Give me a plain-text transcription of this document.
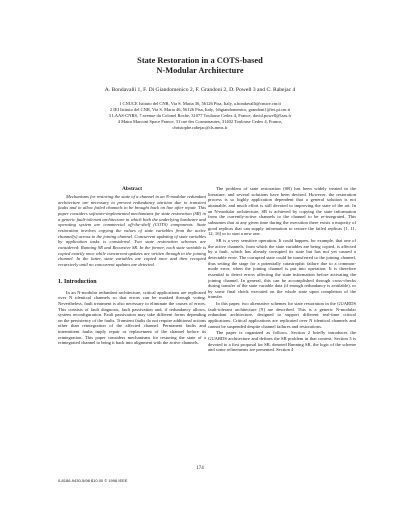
State Restoration in a COTS-based
N-Modular Architecture
A. Bondavalli 1, F. Di Giandomenico 2, F. Grandoni 2, D. Powell 3 and C. Rabejac 4
1 CNUCE Istituto del CNR, Via S. Maria 36, 56126 Pisa, Italy, a.bondavalli@cnuce.cnr.it
2 IEI Istituto del CNR, Via S. Maria 46, 56126 Pisa, Italy, {digiandomenico, grandoni}@iei.pi.cnr.it
3 LAAS-CNRS, 7 avenue du Colonel Roche, 31077 Toulouse Cedex 4, France, david.powell@laas.fr
4 Matra Marconi Space France, 31 rue des Cosmonautes, 31402 Toulouse Cedex 4, France,
christophe.rabejac@tls.mms.fr
Abstract

Mechanisms for restoring the state of a channel in an N-modular redundant architecture are necessary to prevent redundancy attrition due to transient faults and to allow failed channels to be brought back on line after repair. This paper considers software-implemented mechanisms for state restoration (SR) in a generic fault-tolerant architecture in which both the underlying hardware and operating system are commercial off-the-shelf (COTS) components. State restoration involves copying the values of state variables from the active channel(s) across to the joining channel. Concurrent updating of state variables by application tasks is considered. Two state restoration schemes are considered: Running SR and Recursive SR. In the former, each state variable is copied exactly once while concurrent updates are written through to the joining channel. In the latter, state variables are copied once and then recopied recursively until no concurrent updates are detected.

1. Introduction

In an N-modular redundant architecture, critical applications are replicated over N identical channels so that errors can be masked through voting. Nevertheless, fault treatment is also necessary to eliminate the causes of errors. This consists of fault diagnosis, fault passivation and, if redundancy allows, system reconfiguration. Fault passivation may take different forms depending on the persistency of the faults. Transient faults do not require additional actions other than reintegration of the affected channel. Permanent faults and intermittent faults imply repair or replacement of the channel before its reintegration. This paper considers mechanisms for restoring the state of a reintegrated channel to bring it back into alignment with the active channels.

The problem of state restoration (SR) has been widely treated in the literature, and several solutions have been devised. However, the restoration process is so highly application dependent that a general solution is not attainable, and much effort is still devoted to improving the state of the art. In an N-modular architecture, SR is achieved by copying the state information from the currently-active channels to the channel to be re-integrated. This subsumes that at any given time during the execution there exists a majority of good replicas that can supply information to restore the failed replicas [1, 11, 12, 16] or to start a new one.

SR is a very sensitive operation. It could happen, for example, that one of the active channels, from which the state variables are being copied, is affected by a fault, which has already corrupted its state but has not yet caused a detectable error. The corrupted state could be transferred to the joining channel, thus setting the stage for a potentially catastrophic failure due to a common-mode error, when the joining channel is put into operation. It is therefore essential to detect errors affecting the state information before activating the joining channel. In general, this can be accomplished through cross-checks during transfer of the state variable data (if enough redundancy is available), or by some final check executed on the whole state upon completion of the transfer.

In this paper, two alternative schemes for state restoration in the GUARDS fault-tolerant architecture [9] are described. This is a generic N-modular redundant architecture, designed to support different real-time critical applications. Critical applications are replicated over N identical channels and cannot be suspended despite channel failures and restorations.

The paper is organized as follows. Section 2 briefly introduces the GUARDS architecture and defines the SR problem in that context. Section 3 is devoted to a first proposal for SR, denoted Running SR, the logic of the scheme and some refinements are presented. Section 4

174
0-8186-9430-5/98 $10.00 © 1998 IEEE
